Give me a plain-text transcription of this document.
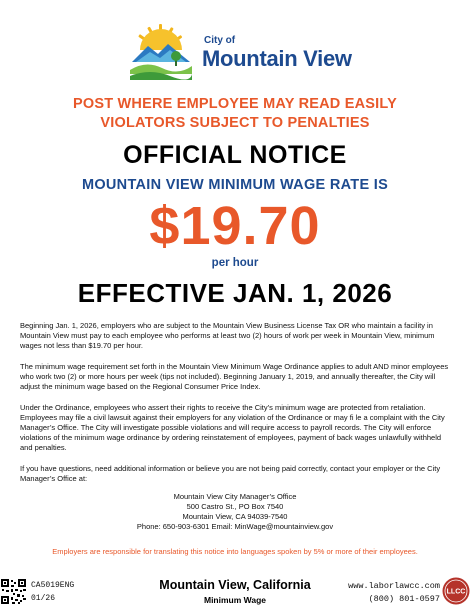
City of
Mountain View
POST WHERE EMPLOYEE MAY READ EASILY
VIOLATORS SUBJECT TO PENALTIES
OFFICIAL NOTICE
MOUNTAIN VIEW MINIMUM WAGE RATE IS
$19.70
per hour
EFFECTIVE JAN. 1, 2026

Beginning Jan. 1, 2026, employers who are subject to the Mountain View Business License Tax OR who maintain a facility in Mountain View must pay to each employee who performs at least two (2) hours of work per week in Mountain View, minimum wages not less than $19.70 per hour.

The minimum wage requirement set forth in the Mountain View Minimum Wage Ordinance applies to adult AND minor employees who work two (2) or more hours per week (tips not included). Beginning January 1, 2019, and annually thereafter, the City will adjust the minimum wage based on the Regional Consumer Price Index.

Under the Ordinance, employees who assert their rights to receive the City’s minimum wage are protected from retaliation. Employees may file a civil lawsuit against their employers for any violation of the Ordinance or may fi le a complaint with the City Manager’s Office. The City will investigate possible violations and will require access to payroll records. The City will enforce violations of the minimum wage ordinance by ordering reinstatement of employees, payment of back wages unlawfully withheld and penalties.

If you have questions, need additional information or believe you are not being paid correctly, contact your employer or the City Manager’s Office at:

Mountain View City Manager’s Office
500 Castro St., PO Box 7540
Mountain View, CA 94039-7540
Phone: 650-903-6301 Email: MinWage@mountainview.gov
Employers are responsible for translating this notice into languages spoken by 5% or more of their employees.
CA5019ENG
01/26
Mountain View, California
Minimum Wage
www.laborlawcc.com
(800) 801-0597
LLCC
